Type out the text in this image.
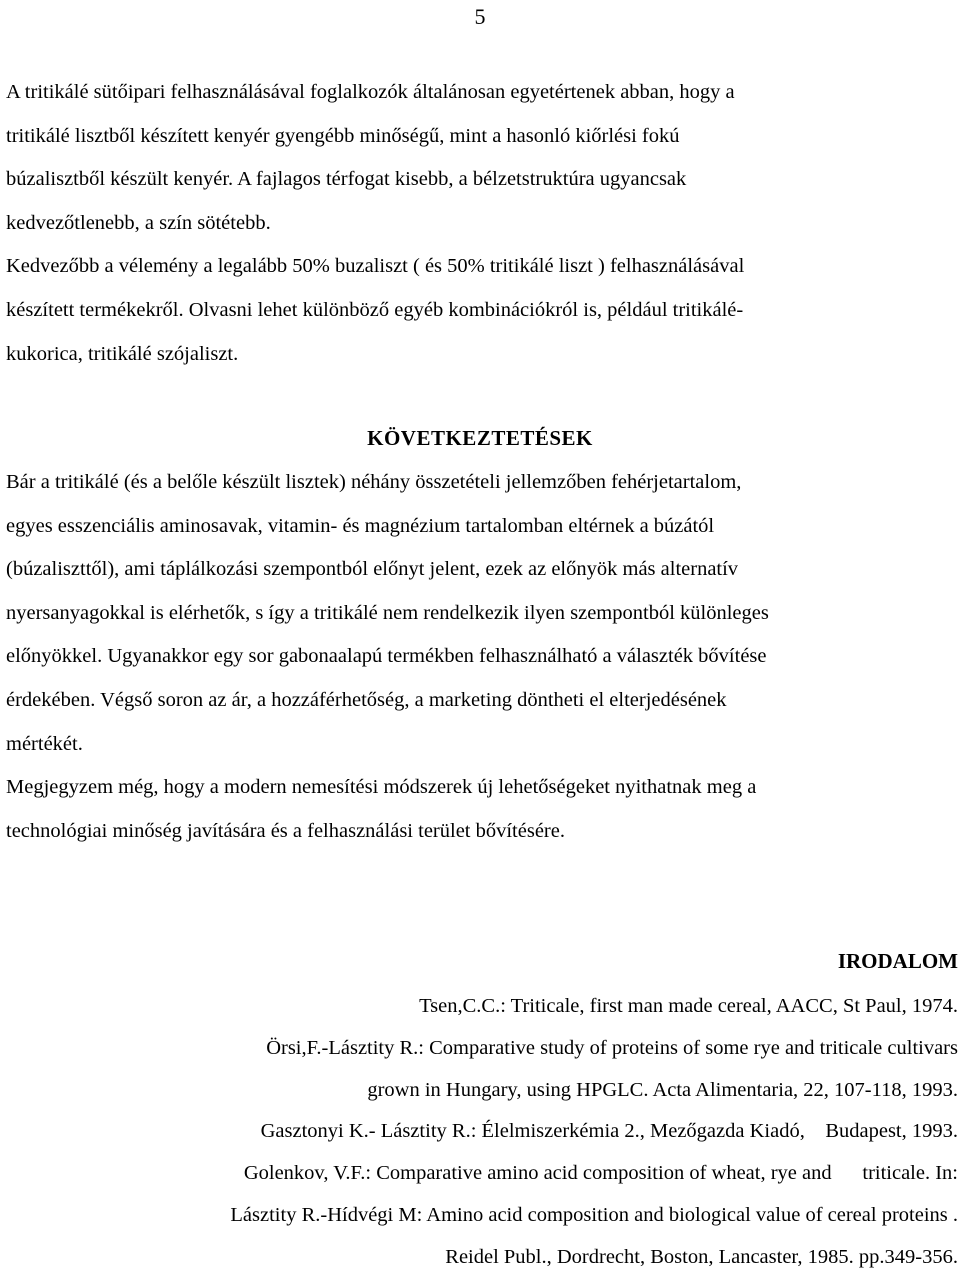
5
A tritikálé sütőipari felhasználásával foglalkozók általánosan egyetértenek abban, hogy a
tritikálé lisztből készített kenyér gyengébb minőségű, mint a hasonló kiőrlési fokú
búzalisztből készült kenyér. A fajlagos térfogat kisebb, a bélzetstruktúra ugyancsak
kedvezőtlenebb, a szín sötétebb.
Kedvezőbb a vélemény a legalább 50% buzaliszt ( és 50% tritikálé liszt ) felhasználásával
készített termékekről. Olvasni lehet különböző egyéb kombinációkról is, például tritikálé-
kukorica, tritikálé szójaliszt.
KÖVETKEZTETÉSEK
Bár a tritikálé (és a belőle készült lisztek) néhány összetételi jellemzőben fehérjetartalom,
egyes esszenciális aminosavak, vitamin- és magnézium tartalomban eltérnek a búzától
(búzaliszttől), ami táplálkozási szempontból előnyt jelent, ezek az előnyök más alternatív
nyersanyagokkal is elérhetők, s így a tritikálé nem rendelkezik ilyen szempontból különleges
előnyökkel. Ugyanakkor egy sor gabonaalapú termékben felhasználható a választék bővítése
érdekében. Végső soron az ár, a hozzáférhetőség, a marketing döntheti el elterjedésének
mértékét.
Megjegyzem még, hogy a modern nemesítési módszerek új lehetőségeket nyithatnak meg a
technológiai minőség javítására és a felhasználási terület bővítésére.
IRODALOM
Tsen,C.C.: Triticale, first man made cereal, AACC, St Paul, 1974.
Örsi,F.-Lásztity R.: Comparative study of proteins of some rye and triticale cultivars
grown in Hungary, using HPGLC. Acta Alimentaria, 22, 107-118, 1993.
Gasztonyi K.- Lásztity R.: Élelmiszerkémia 2., Mezőgazda Kiadó,    Budapest, 1993.
Golenkov, V.F.: Comparative amino acid composition of wheat, rye and      triticale. In:
Lásztity R.-Hídvégi M: Amino acid composition and biological value of cereal proteins .
Reidel Publ., Dordrecht, Boston, Lancaster, 1985. pp.349-356.
